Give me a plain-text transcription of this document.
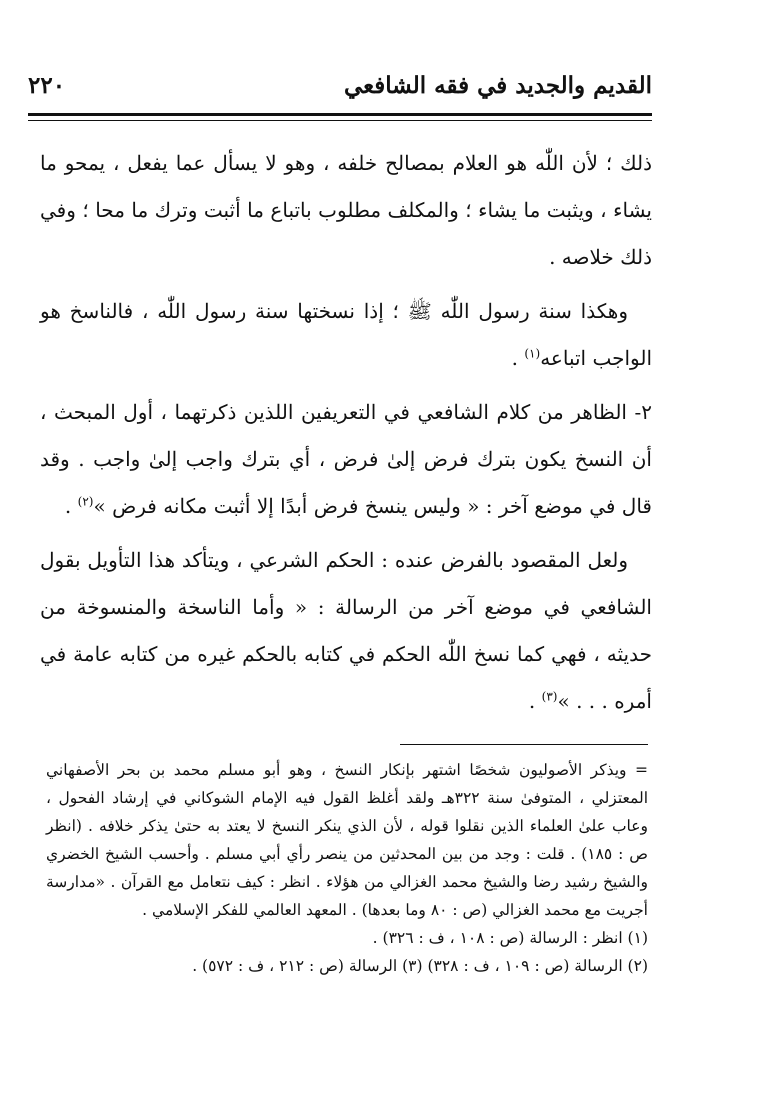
القديم والجديد في فقه الشافعي
٢٢٠

ذلك ؛ لأن اللّٰه هو العلام بمصالح خلفه ، وهو لا يسأل عما يفعل ، يمحو ما يشاء ، ويثبت ما يشاء ؛ والمكلف مطلوب باتباع ما أثبت وترك ما محا ؛ وفي ذلك خلاصه .

وهكذا سنة رسول اللّٰه ﷺ ؛ إذا نسختها سنة رسول اللّٰه ، فالناسخ هو الواجب اتباعه$^{(١)}$ .

٢- الظاهر من كلام الشافعي في التعريفين اللذين ذكرتهما ، أول المبحث ، أن النسخ يكون بترك فرض إلىٰ فرض ، أي بترك واجب إلىٰ واجب . وقد قال في موضع آخر : « وليس ينسخ فرض أبدًا إلا أثبت مكانه فرض »$^{(٢)}$ .

ولعل المقصود بالفرض عنده : الحكم الشرعي ، ويتأكد هذا التأويل بقول الشافعي في موضع آخر من الرسالة : « وأما الناسخة والمنسوخة من حديثه ، فهي كما نسخ اللّٰه الحكم في كتابه بالحكم غيره من كتابه عامة في أمره . . . »$^{(٣)}$ .

= ويذكر الأصوليون شخصًا اشتهر بإنكار النسخ ، وهو أبو مسلم محمد بن بحر الأصفهاني المعتزلي ، المتوفىٰ سنة ٣٢٢هـ ولقد أغلظ القول فيه الإمام الشوكاني في إرشاد الفحول ، وعاب علىٰ العلماء الذين نقلوا قوله ، لأن الذي ينكر النسخ لا يعتد به حتىٰ يذكر خلافه . (انظر ص : ١٨٥) . قلت : وجد من بين المحدثين من ينصر رأي أبي مسلم . وأحسب الشيخ الخضري والشيخ رشيد رضا والشيخ محمد الغزالي من هؤلاء . انظر : كيف نتعامل مع القرآن . «مدارسة أجريت مع محمد الغزالي (ص : ٨٠ وما بعدها) . المعهد العالمي للفكر الإسلامي .

(١) انظر : الرسالة (ص : ١٠٨ ، ف : ٣٢٦) .

(٢) الرسالة (ص : ١٠٩ ، ف : ٣٢٨) (٣) الرسالة (ص : ٢١٢ ، ف : ٥٧٢) .
